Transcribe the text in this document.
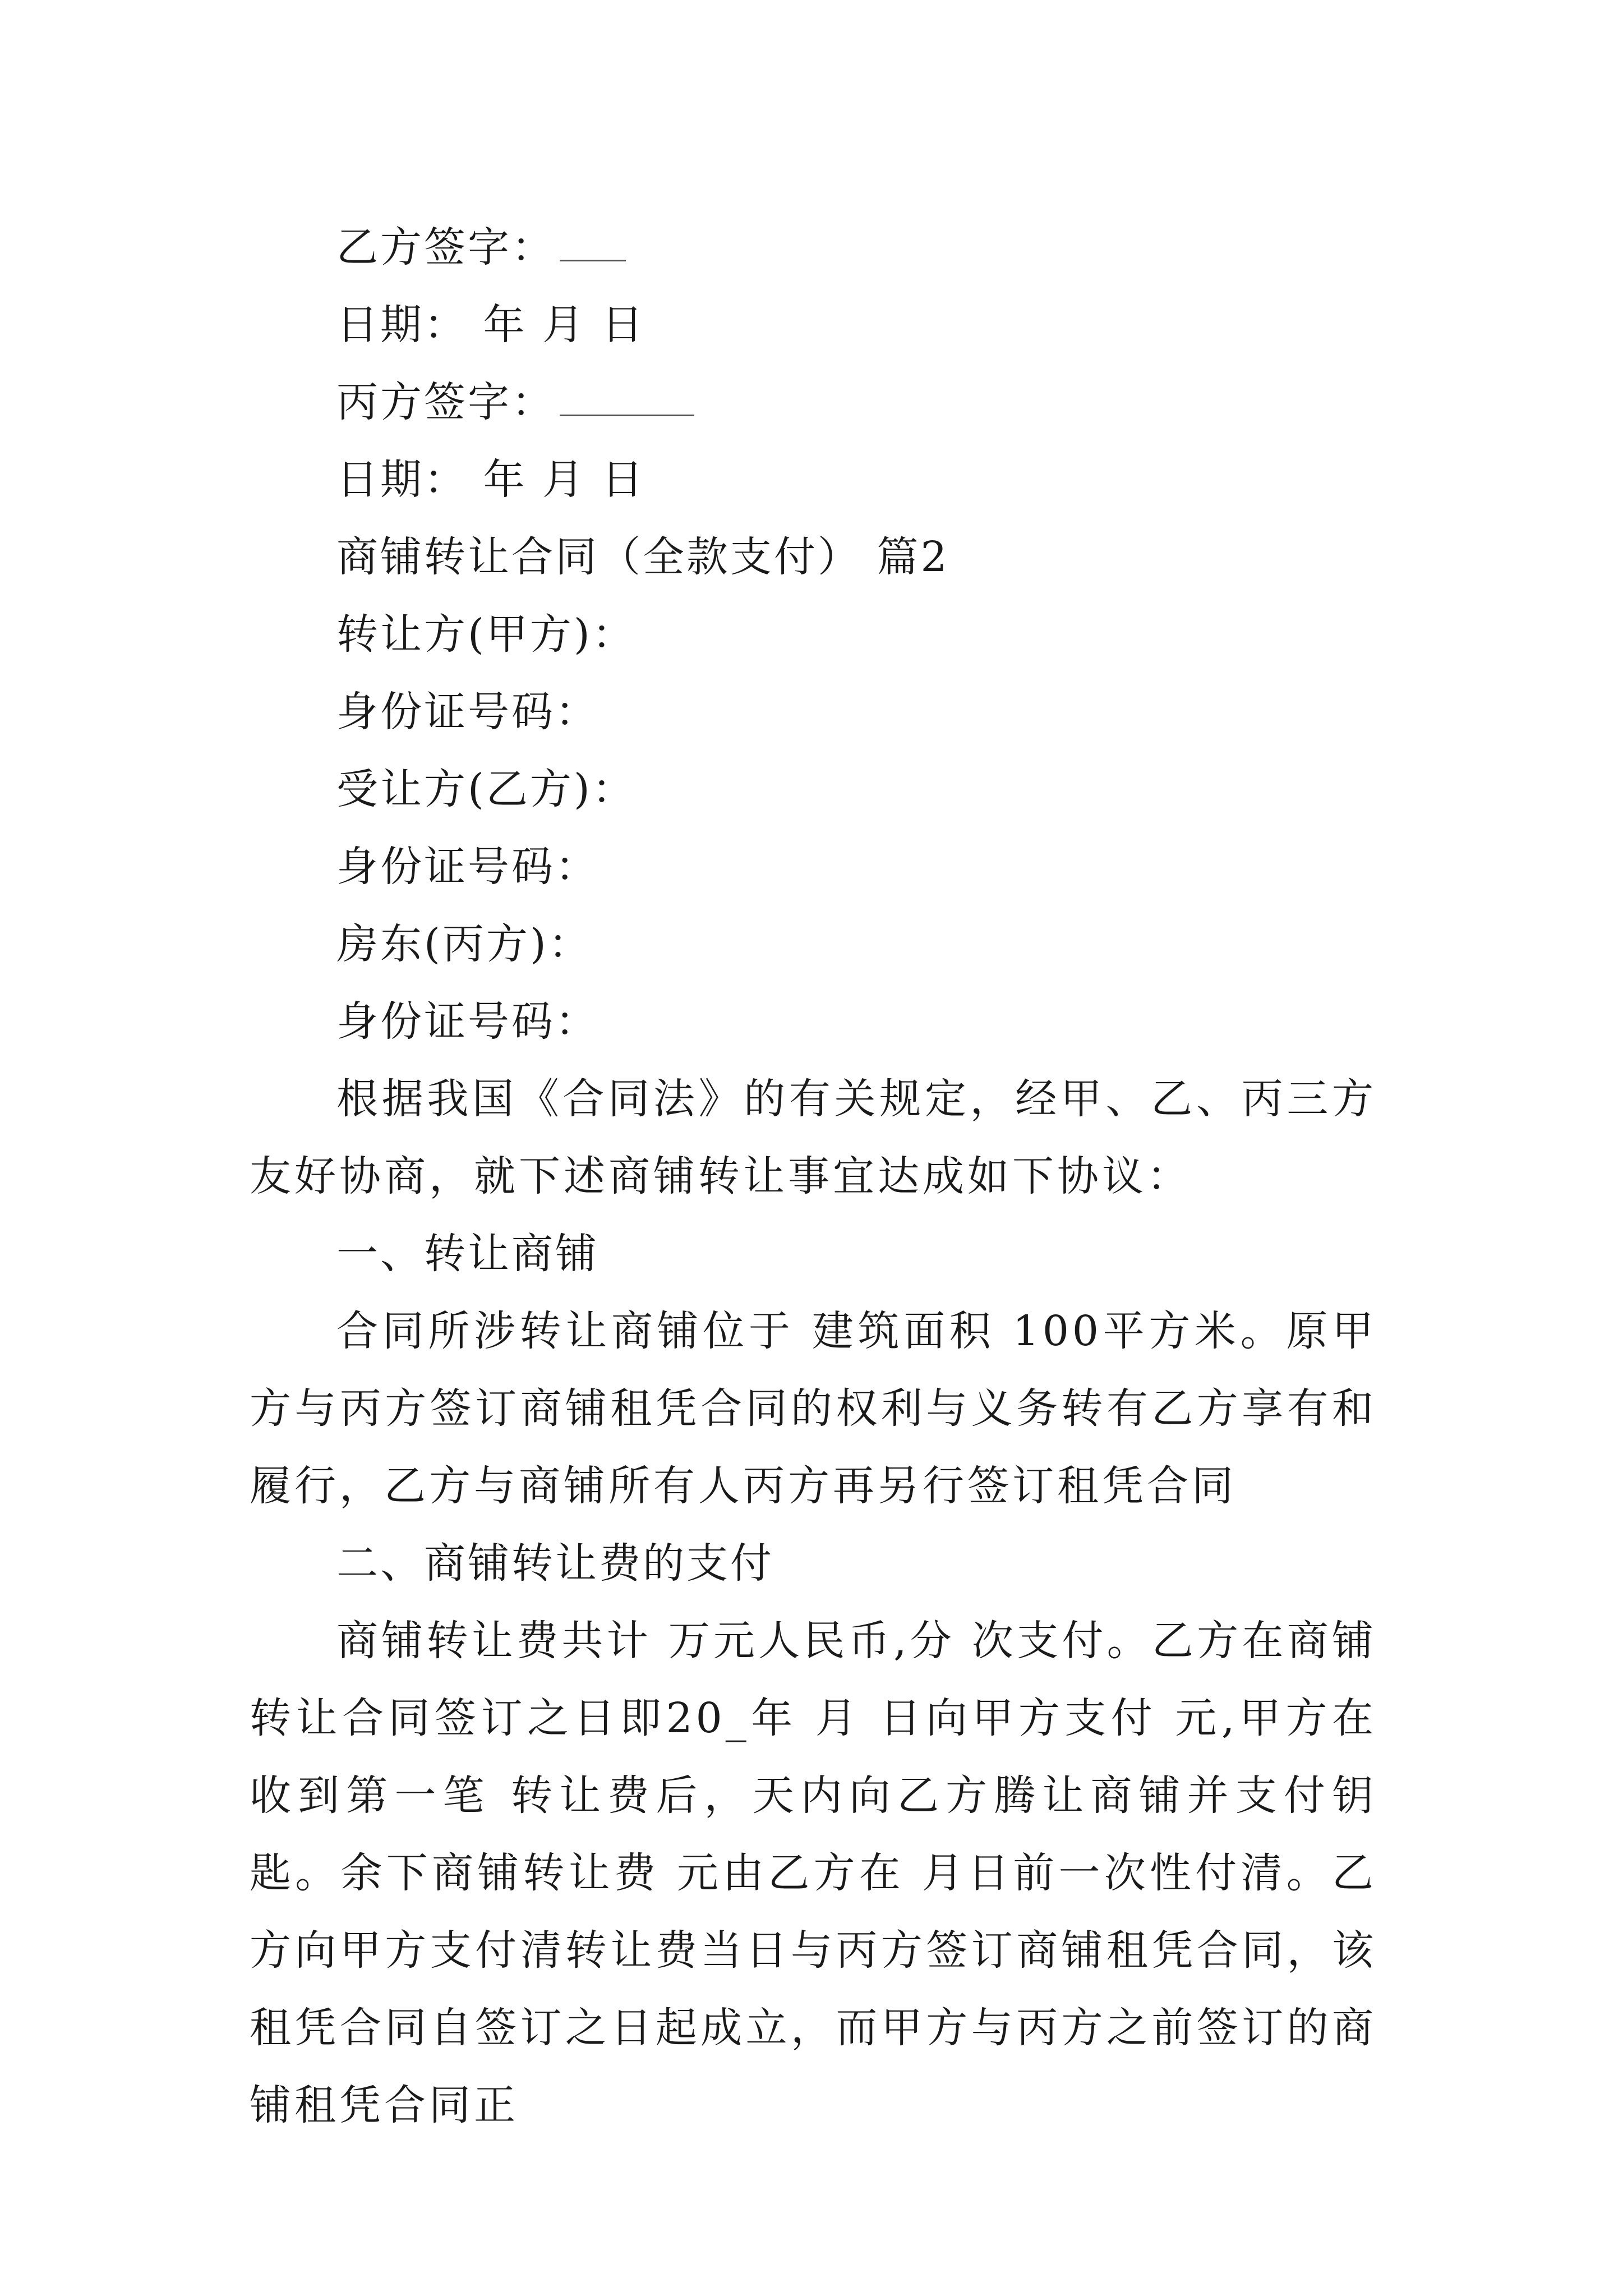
乙方签字：

日期： 年 月 日

丙方签字：

日期： 年 月 日

商铺转让合同（全款支付） 篇2

转让方(甲方)：

身份证号码：

受让方(乙方)：

身份证号码：

房东(丙方)：

身份证号码：

根据我国《合同法》的有关规定，经甲、乙、丙三方友好协商，就下述商铺转让事宜达成如下协议：

一、转让商铺

合同所涉转让商铺位于 建筑面积 100平方米。原甲方与丙方签订商铺租凭合同的权利与义务转有乙方享有和履行，乙方与商铺所有人丙方再另行签订租凭合同

二、商铺转让费的支付

商铺转让费共计 万元人民币,分 次支付。乙方在商铺转让合同签订之日即20_年 月 日向甲方支付 元,甲方在收到第一笔 转让费后，天内向乙方腾让商铺并支付钥匙。余下商铺转让费 元由乙方在 月日前一次性付清。乙方向甲方支付清转让费当日与丙方签订商铺租凭合同，该租凭合同自签订之日起成立，而甲方与丙方之前签订的商铺租凭合同正
